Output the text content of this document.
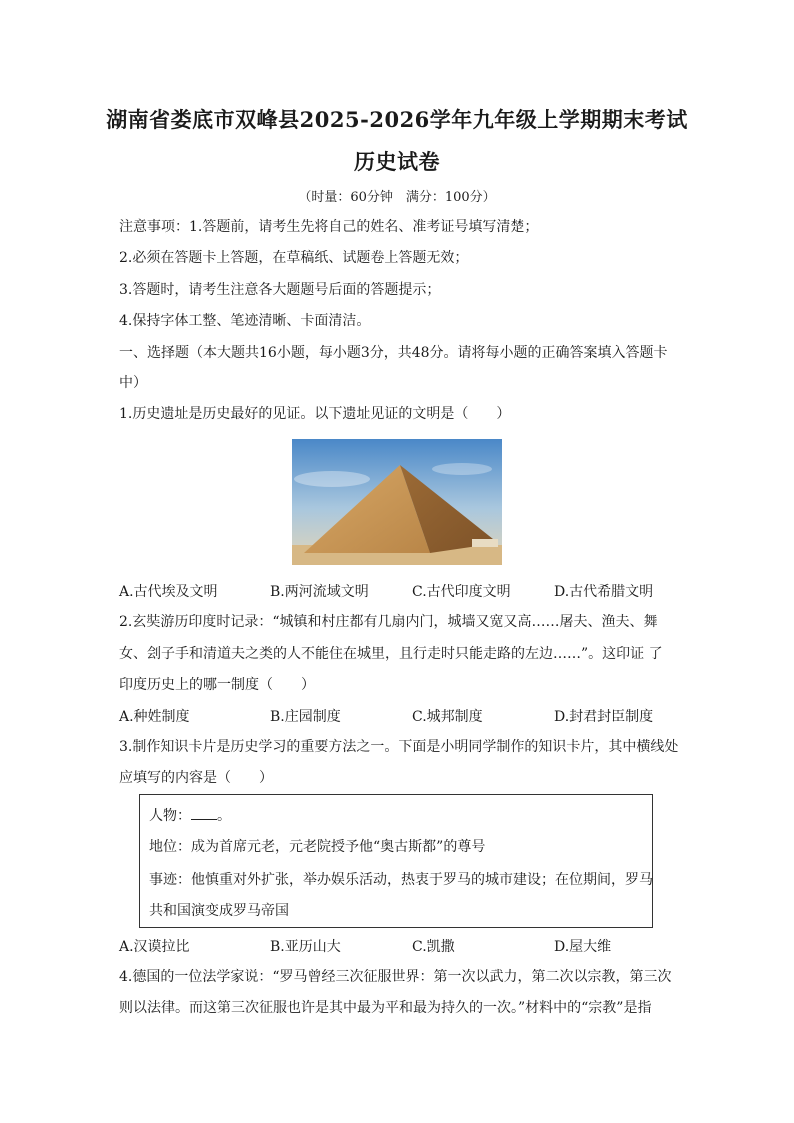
湖南省娄底市双峰县2025-2026学年九年级上学期期末考试
历史试卷
（时量：60分钟　满分：100分）
注意事项：1.答题前，请考生先将自己的姓名、准考证号填写清楚；
2.必须在答题卡上答题，在草稿纸、试题卷上答题无效；
3.答题时，请考生注意各大题题号后面的答题提示；
4.保持字体工整、笔迹清晰、卡面清洁。
一、选择题（本大题共16小题，每小题3分，共48分。请将每小题的正确答案填入答题卡
中）
1.历史遗址是历史最好的见证。以下遗址见证的文明是（　　）
A.古代埃及文明	B.两河流域文明	C.古代印度文明	D.古代希腊文明
2.玄奘游历印度时记录：“城镇和村庄都有几扇内门，城墙又宽又高……屠夫、渔夫、舞
女、刽子手和清道夫之类的人不能住在城里，且行走时只能走路的左边……”。这印证 了
印度历史上的哪一制度（　　）
A.种姓制度	B.庄园制度	C.城邦制度	D.封君封臣制度
3.制作知识卡片是历史学习的重要方法之一。下面是小明同学制作的知识卡片，其中横线处
应填写的内容是（　　）
人物： 。
地位：成为首席元老，元老院授予他“奥古斯都”的尊号
事迹：他慎重对外扩张，举办娱乐活动，热衷于罗马的城市建设；在位期间，罗马
共和国演变成罗马帝国
A.汉谟拉比	B.亚历山大	C.凯撒	D.屋大维
4.德国的一位法学家说：“罗马曾经三次征服世界：第一次以武力，第二次以宗教，第三次
则以法律。而这第三次征服也许是其中最为平和最为持久的一次。”材料中的“宗教”是指
